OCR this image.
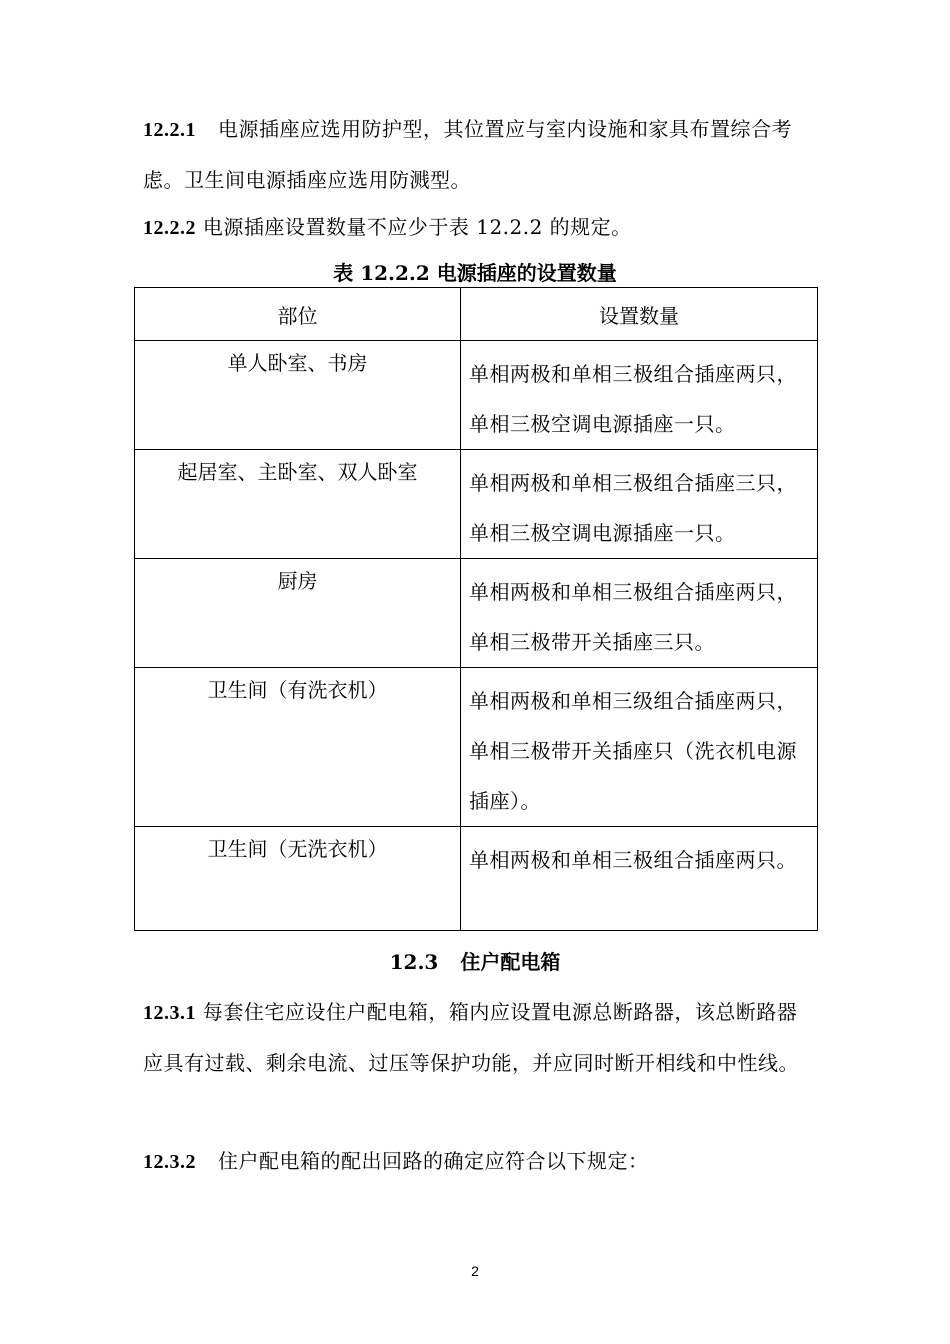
12.2.1 电源插座应选用防护型，其位置应与室内设施和家具布置综合考虑。卫生间电源插座应选用防溅型。
12.2.2 电源插座设置数量不应少于表 12.2.2 的规定。
表 12.2.2 电源插座的设置数量
部位	设置数量
单人卧室、书房	单相两极和单相三极组合插座两只，单相三极空调电源插座一只。
起居室、主卧室、双人卧室	单相两极和单相三极组合插座三只，单相三极空调电源插座一只。
厨房	单相两极和单相三极组合插座两只，单相三极带开关插座三只。
卫生间（有洗衣机）	单相两极和单相三级组合插座两只，单相三极带开关插座只（洗衣机电源插座）。
卫生间（无洗衣机）	单相两极和单相三极组合插座两只。
12.3 住户配电箱
12.3.1 每套住宅应设住户配电箱，箱内应设置电源总断路器，该总断路器应具有过载、剩余电流、过压等保护功能，并应同时断开相线和中性线。
12.3.2 住户配电箱的配出回路的确定应符合以下规定：
2
